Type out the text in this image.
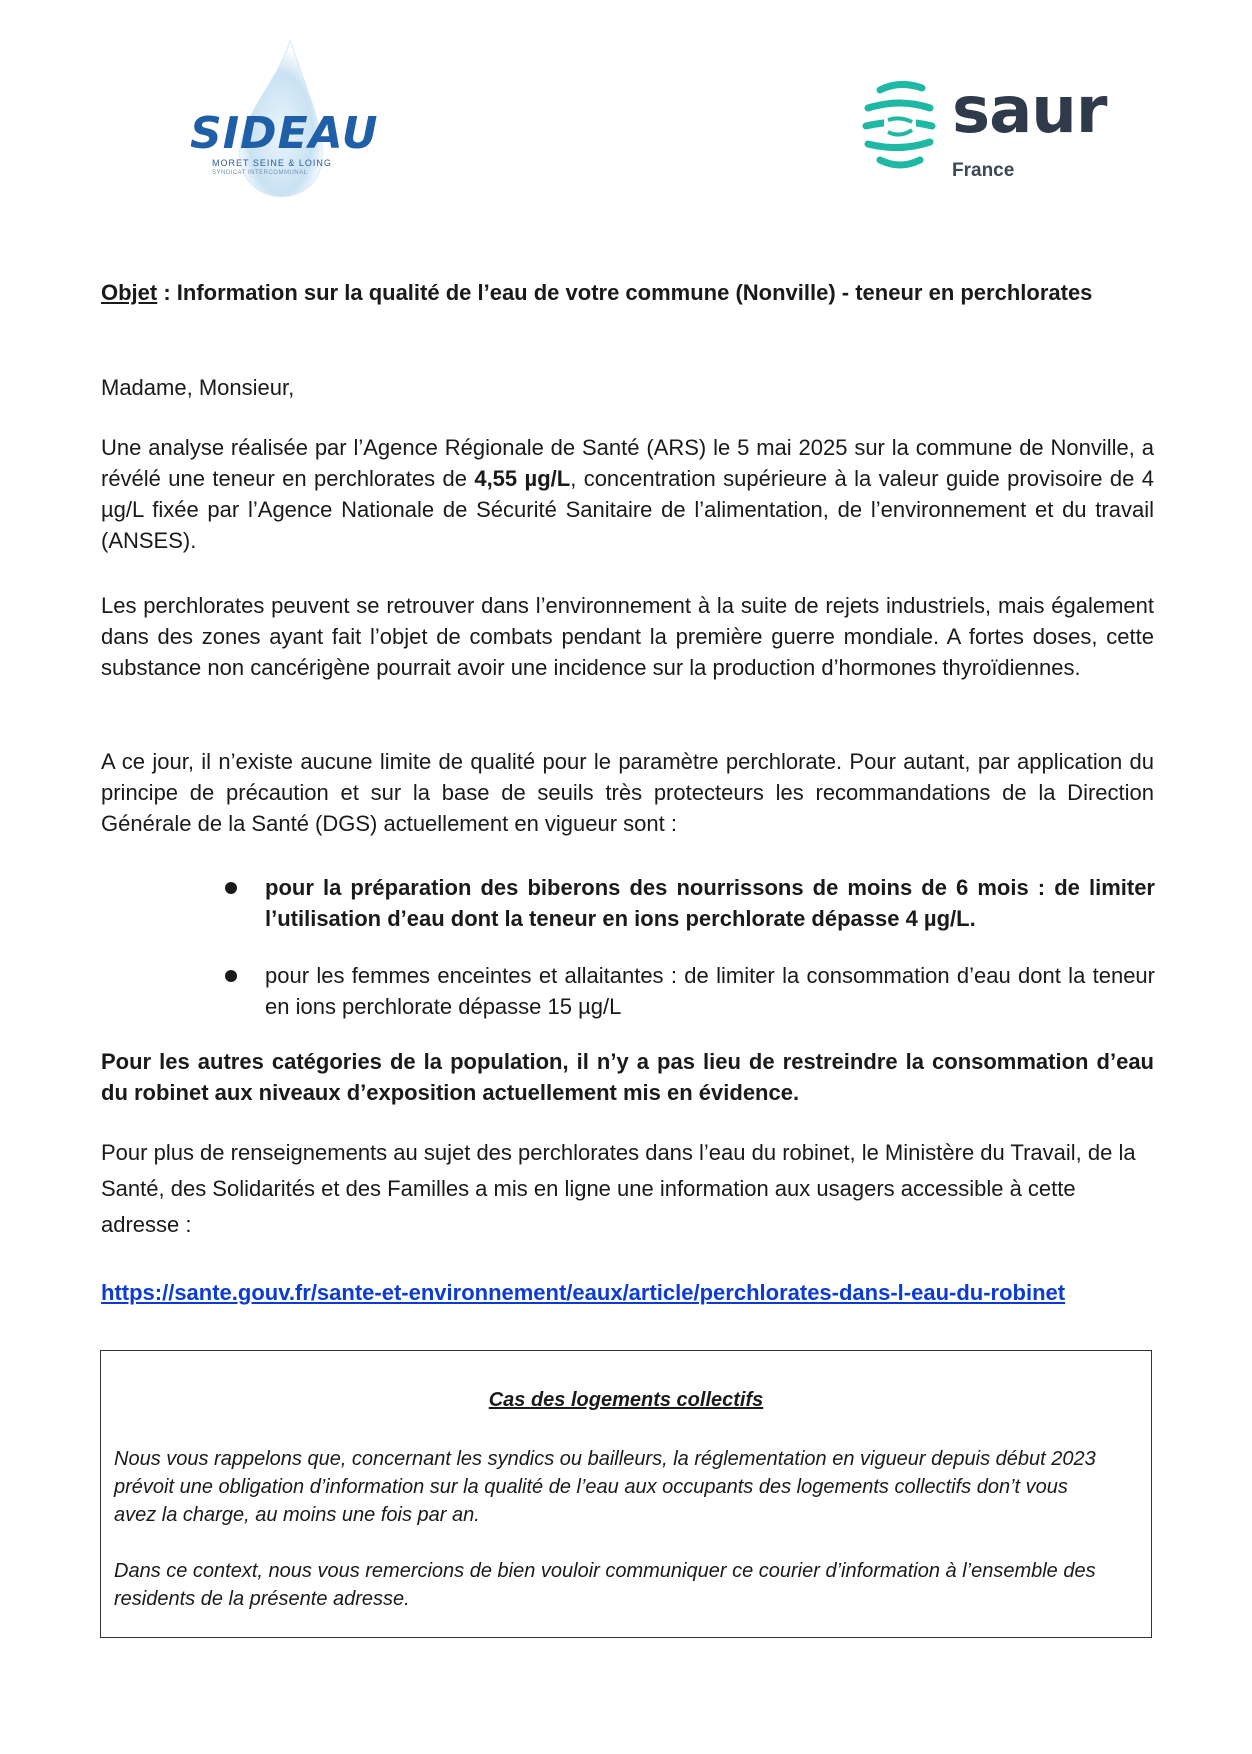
SIDEAU
MORET SEINE & LOING
SYNDICAT INTERCOMMUNAL
saur
France
Objet : Information sur la qualité de l’eau de votre commune (Nonville) - teneur en perchlorates
Madame, Monsieur,
Une analyse réalisée par l’Agence Régionale de Santé (ARS) le 5 mai 2025 sur la commune de Nonville, a révélé une teneur en perchlorates de 4,55 µg/L, concentration supérieure à la valeur guide provisoire de 4 µg/L fixée par l’Agence Nationale de Sécurité Sanitaire de l’alimentation, de l’environnement et du travail (ANSES).
Les perchlorates peuvent se retrouver dans l’environnement à la suite de rejets industriels, mais également dans des zones ayant fait l’objet de combats pendant la première guerre mondiale. A fortes doses, cette substance non cancérigène pourrait avoir une incidence sur la production d’hormones thyroïdiennes.
A ce jour, il n’existe aucune limite de qualité pour le paramètre perchlorate. Pour autant, par application du principe de précaution et sur la base de seuils très protecteurs les recommandations de la Direction Générale de la Santé (DGS) actuellement en vigueur sont :
pour la préparation des biberons des nourrissons de moins de 6 mois : de limiter l’utilisation d’eau dont la teneur en ions perchlorate dépasse 4 µg/L.
pour les femmes enceintes et allaitantes : de limiter la consommation d’eau dont la teneur en ions perchlorate dépasse 15 µg/L
Pour les autres catégories de la population, il n’y a pas lieu de restreindre la consommation d’eau du robinet aux niveaux d’exposition actuellement mis en évidence.
Pour plus de renseignements au sujet des perchlorates dans l’eau du robinet, le Ministère du Travail, de la Santé, des Solidarités et des Familles a mis en ligne une information aux usagers accessible à cette adresse :
https://sante.gouv.fr/sante-et-environnement/eaux/article/perchlorates-dans-l-eau-du-robinet
Cas des logements collectifs
Nous vous rappelons que, concernant les syndics ou bailleurs, la réglementation en vigueur depuis début 2023 prévoit une obligation d’information sur la qualité de l’eau aux occupants des logements collectifs don’t vous avez la charge, au moins une fois par an.
Dans ce context, nous vous remercions de bien vouloir communiquer ce courier d’information à l’ensemble des residents de la présente adresse.
